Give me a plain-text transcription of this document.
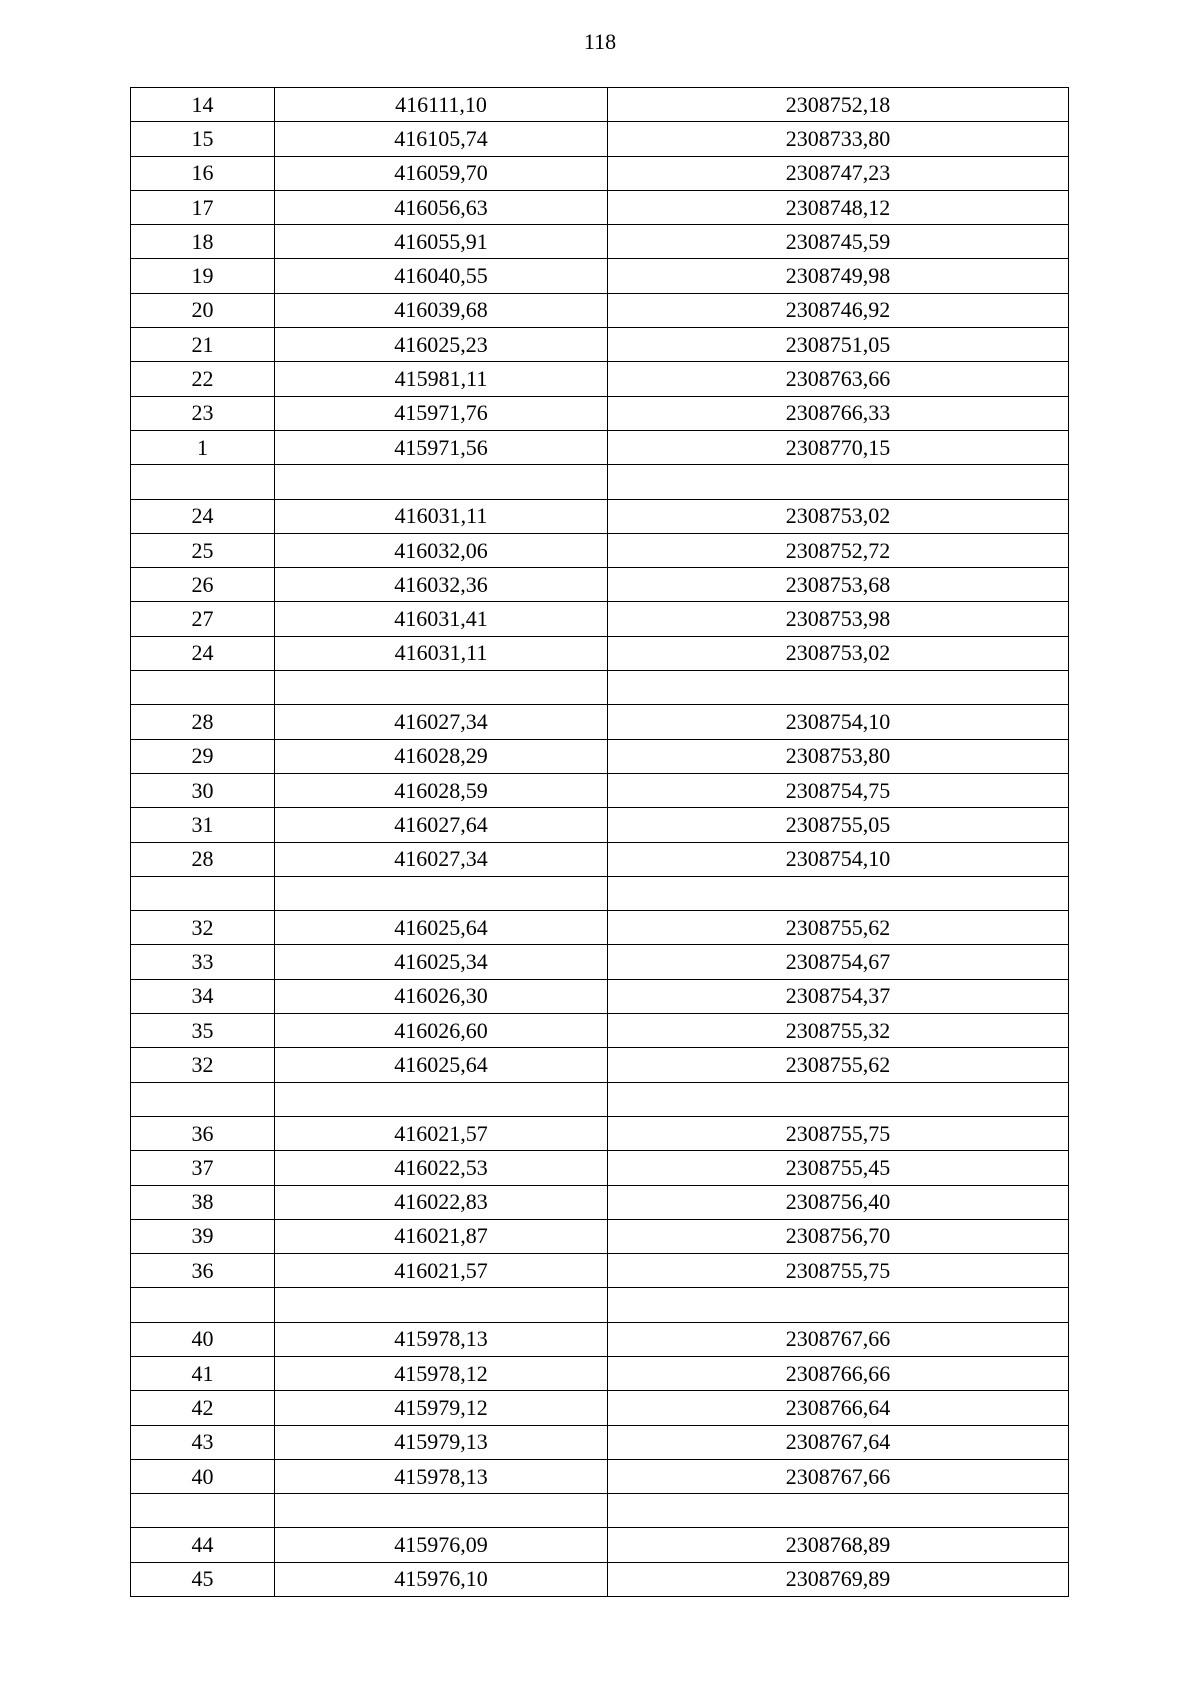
118
14	416111,10	2308752,18
15	416105,74	2308733,80
16	416059,70	2308747,23
17	416056,63	2308748,12
18	416055,91	2308745,59
19	416040,55	2308749,98
20	416039,68	2308746,92
21	416025,23	2308751,05
22	415981,11	2308763,66
23	415971,76	2308766,33
1	415971,56	2308770,15

24	416031,11	2308753,02
25	416032,06	2308752,72
26	416032,36	2308753,68
27	416031,41	2308753,98
24	416031,11	2308753,02

28	416027,34	2308754,10
29	416028,29	2308753,80
30	416028,59	2308754,75
31	416027,64	2308755,05
28	416027,34	2308754,10

32	416025,64	2308755,62
33	416025,34	2308754,67
34	416026,30	2308754,37
35	416026,60	2308755,32
32	416025,64	2308755,62

36	416021,57	2308755,75
37	416022,53	2308755,45
38	416022,83	2308756,40
39	416021,87	2308756,70
36	416021,57	2308755,75

40	415978,13	2308767,66
41	415978,12	2308766,66
42	415979,12	2308766,64
43	415979,13	2308767,64
40	415978,13	2308767,66

44	415976,09	2308768,89
45	415976,10	2308769,89
